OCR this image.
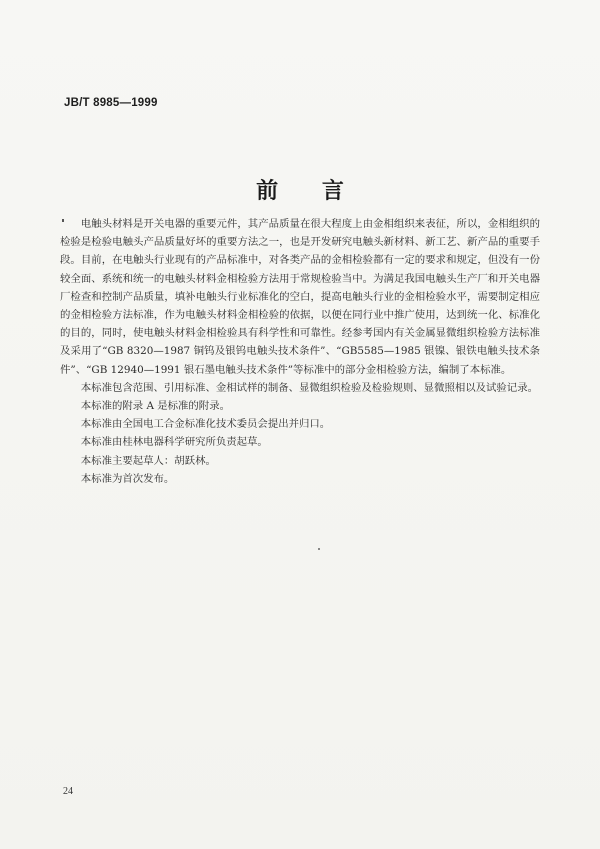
JB/T 8985—1999
前 言

电触头材料是开关电器的重要元件，其产品质量在很大程度上由金相组织来表征，所以，金相组织的检验是检验电触头产品质量好坏的重要方法之一，也是开发研究电触头新材料、新工艺、新产品的重要手段。目前，在电触头行业现有的产品标准中，对各类产品的金相检验都有一定的要求和规定，但没有一份较全面、系统和统一的电触头材料金相检验方法用于常规检验当中。为满足我国电触头生产厂和开关电器厂检查和控制产品质量，填补电触头行业标准化的空白，提高电触头行业的金相检验水平，需要制定相应的金相检验方法标准，作为电触头材料金相检验的依据，以便在同行业中推广使用，达到统一化、标准化的目的，同时，使电触头材料金相检验具有科学性和可靠性。经参考国内有关金属显微组织检验方法标准及采用了“GB 8320—1987 铜钨及银钨电触头技术条件”、“GB5585—1985 银镍、银铁电触头技术条件”、“GB 12940—1991 银石墨电触头技术条件”等标准中的部分金相检验方法，编制了本标准。

本标准包含范围、引用标准、金相试样的制备、显微组织检验及检验规则、显微照相以及试验记录。

本标准的附录 A 是标准的附录。

本标准由全国电工合金标准化技术委员会提出并归口。

本标准由桂林电器科学研究所负责起草。

本标准主要起草人：胡跃林。

本标准为首次发布。

24
